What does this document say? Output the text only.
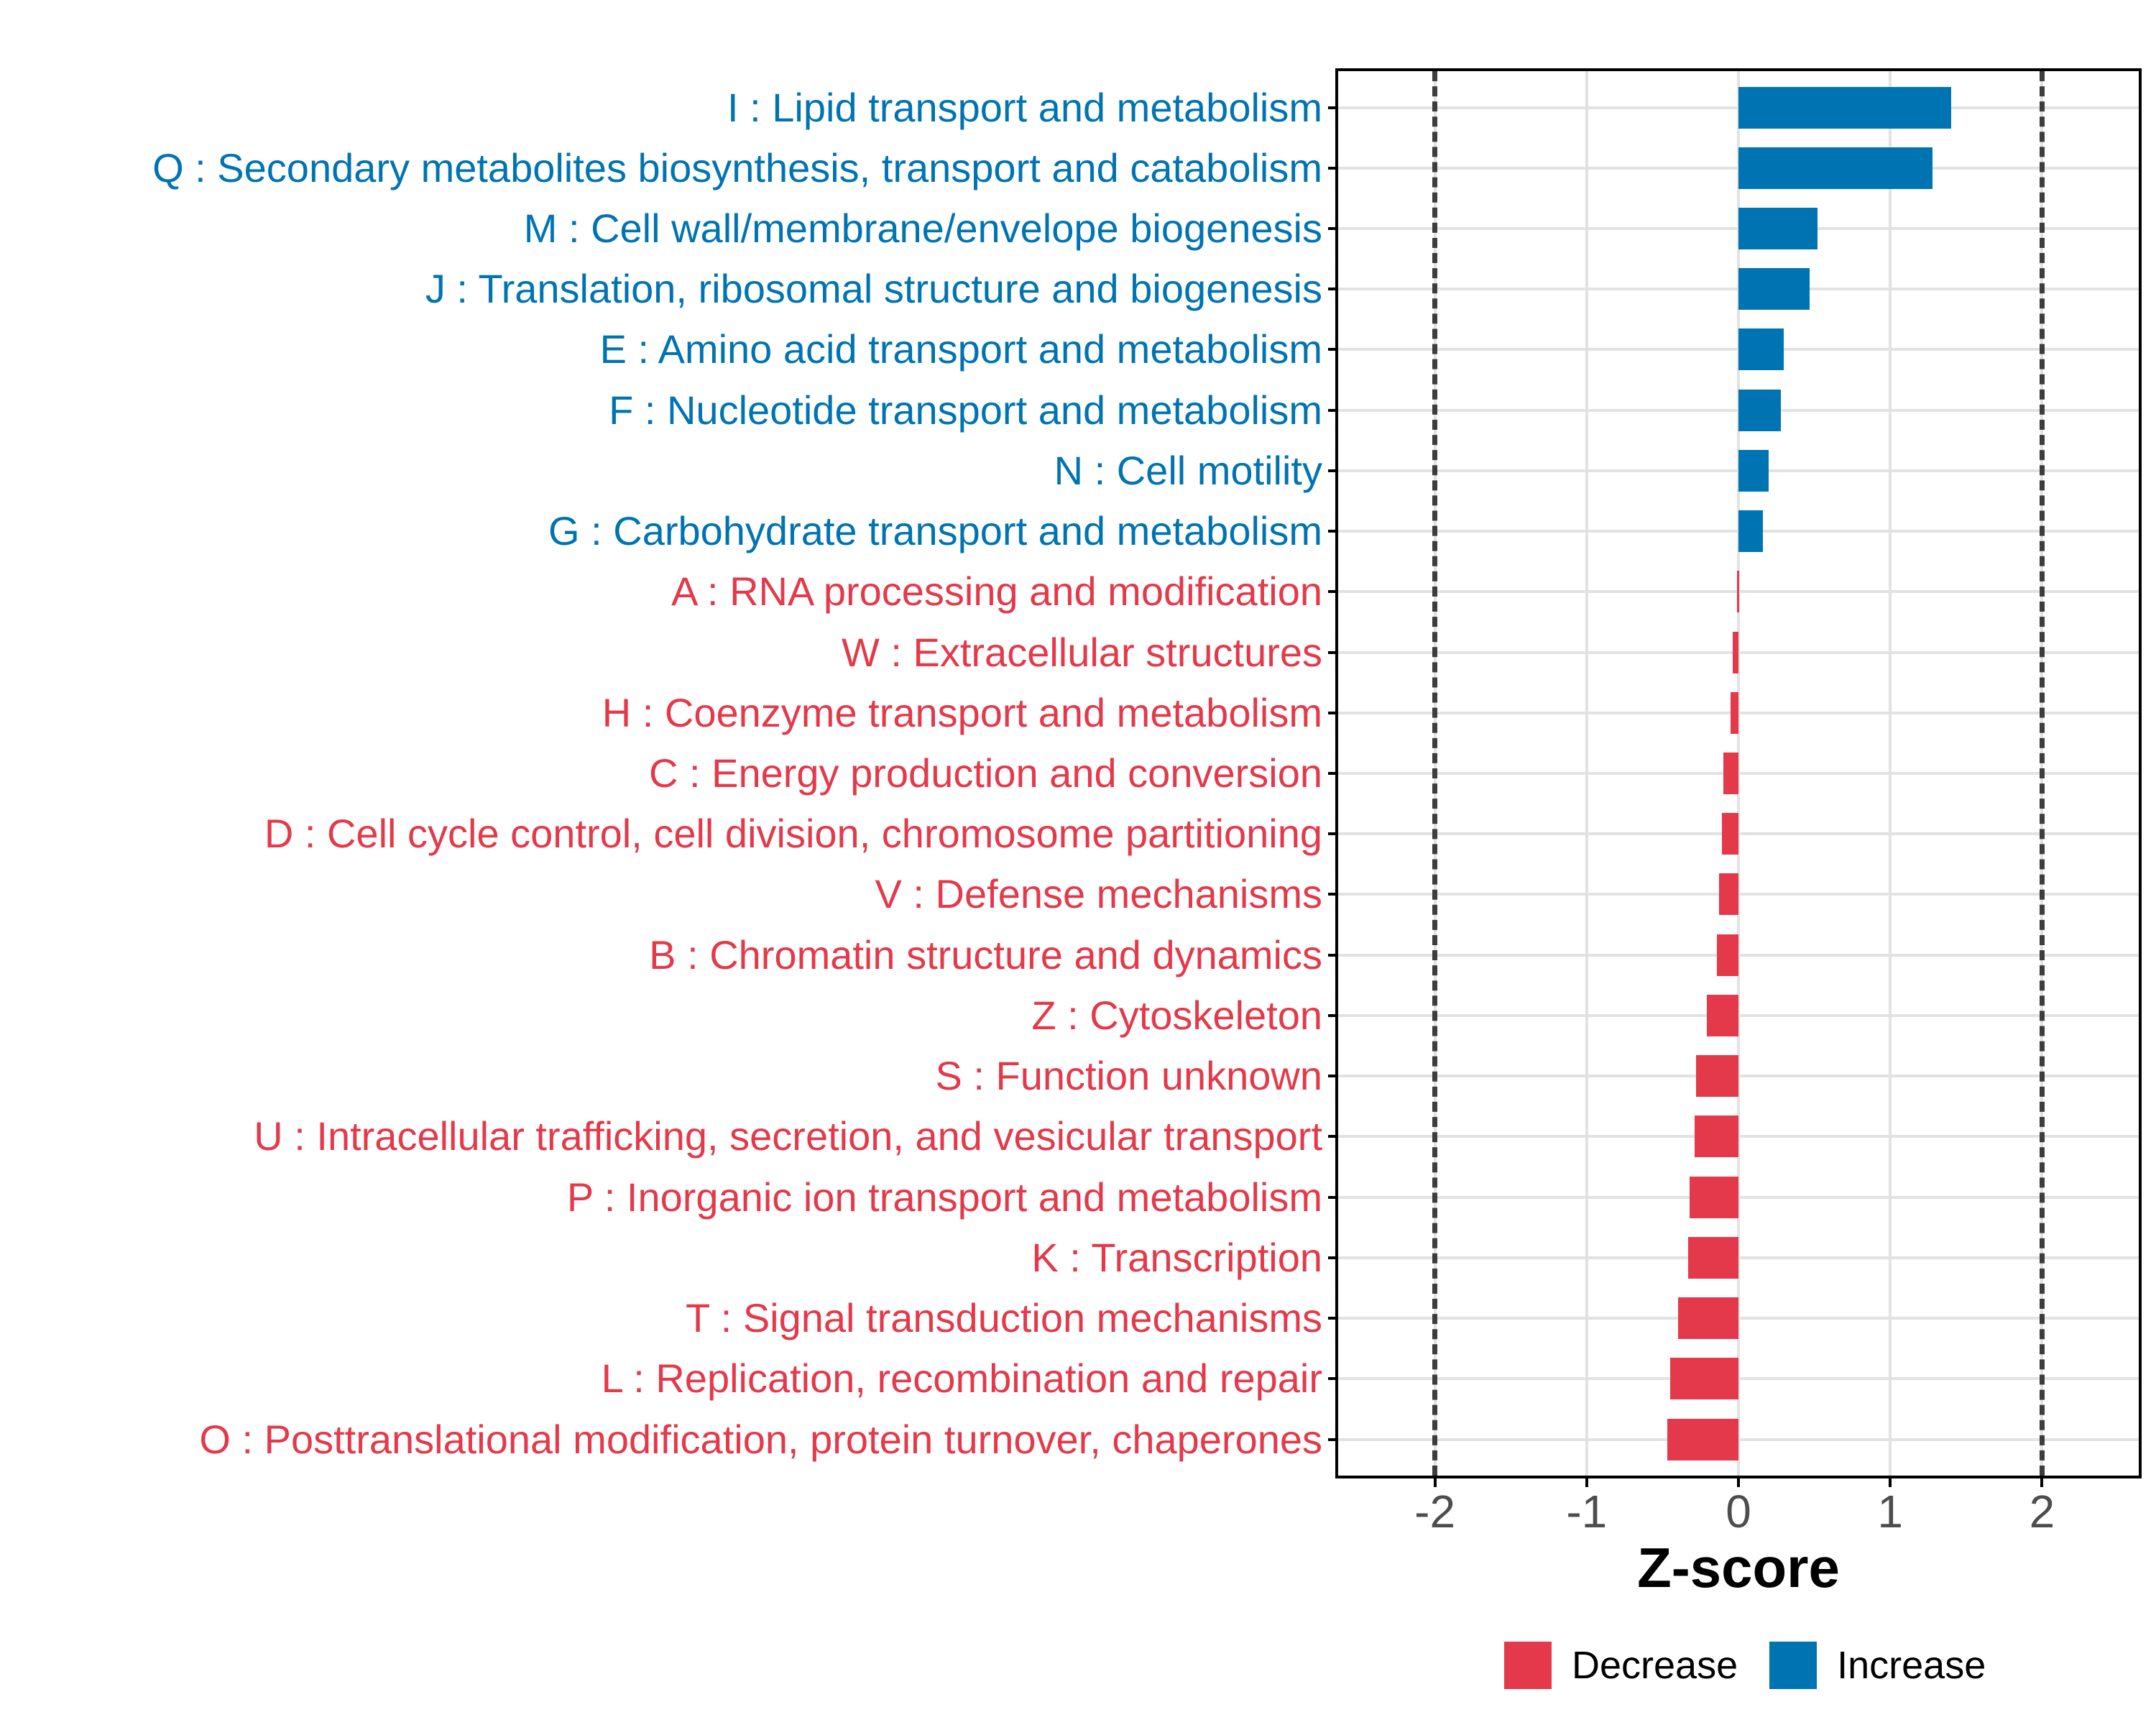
I : Lipid transport and metabolism
Q : Secondary metabolites biosynthesis, transport and catabolism
M : Cell wall/membrane/envelope biogenesis
J : Translation, ribosomal structure and biogenesis
E : Amino acid transport and metabolism
F : Nucleotide transport and metabolism
N : Cell motility
G : Carbohydrate transport and metabolism
A : RNA processing and modification
W : Extracellular structures
H : Coenzyme transport and metabolism
C : Energy production and conversion
D : Cell cycle control, cell division, chromosome partitioning
V : Defense mechanisms
B : Chromatin structure and dynamics
Z : Cytoskeleton
S : Function unknown
U : Intracellular trafficking, secretion, and vesicular transport
P : Inorganic ion transport and metabolism
K : Transcription
T : Signal transduction mechanisms
L : Replication, recombination and repair
O : Posttranslational modification, protein turnover, chaperones
-2	-1	0	1	2
Z-score
Decrease	Increase
